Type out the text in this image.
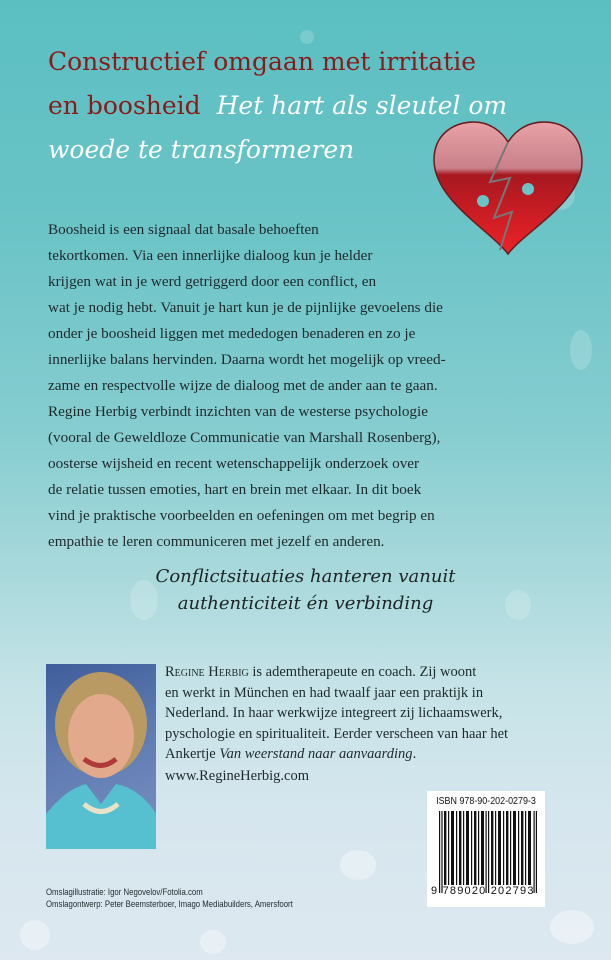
Constructief omgaan met irritatie
en boosheid Het hart als sleutel om
woede te transformeren
Boosheid is een signaal dat basale behoeften
tekortkomen. Via een innerlijke dialoog kun je helder
krijgen wat in je werd getriggerd door een conflict, en
wat je nodig hebt. Vanuit je hart kun je de pijnlijke gevoelens die
onder je boosheid liggen met mededogen benaderen en zo je
innerlijke balans hervinden. Daarna wordt het mogelijk op vreed-
zame en respectvolle wijze de dialoog met de ander aan te gaan.
Regine Herbig verbindt inzichten van de westerse psychologie
(vooral de Geweldloze Communicatie van Marshall Rosenberg),
oosterse wijsheid en recent wetenschappelijk onderzoek over
de relatie tussen emoties, hart en brein met elkaar. In dit boek
vind je praktische voorbeelden en oefeningen om met begrip en
empathie te leren communiceren met jezelf en anderen.
Conflictsituaties hanteren vanuit
authenticiteit én verbinding
Regine Herbig is ademtherapeute en coach. Zij woont
en werkt in München en had twaalf jaar een praktijk in
Nederland. In haar werkwijze integreert zij lichaamswerk,
pyschologie en spiritualiteit. Eerder verscheen van haar het
Ankertje Van weerstand naar aanvaarding.
www.RegineHerbig.com
Omslagillustratie: Igor Negovelov/Fotolia.com
Omslagontwerp: Peter Beemsterboer, Imago Mediabuilders, Amersfoort
ISBN 978-90-202-0279-3
9 789020 202793
